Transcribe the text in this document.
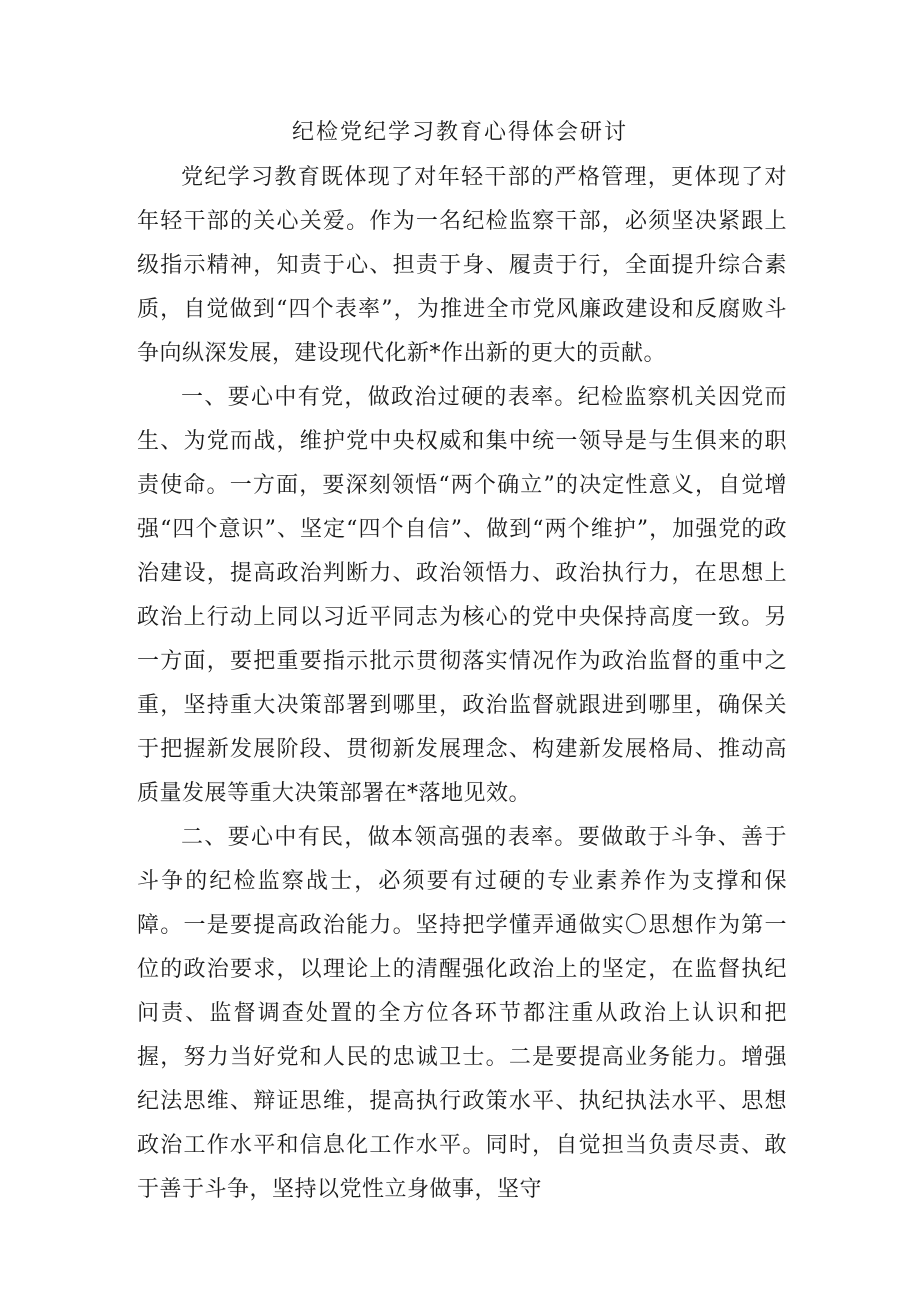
纪检党纪学习教育心得体会研讨

党纪学习教育既体现了对年轻干部的严格管理，更体现了对年轻干部的关心关爱。作为一名纪检监察干部，必须坚决紧跟上级指示精神，知责于心、担责于身、履责于行，全面提升综合素质，自觉做到“四个表率”，为推进全市党风廉政建设和反腐败斗争向纵深发展，建设现代化新*作出新的更大的贡献。

一、要心中有党，做政治过硬的表率。纪检监察机关因党而生、为党而战，维护党中央权威和集中统一领导是与生俱来的职责使命。一方面，要深刻领悟“两个确立”的决定性意义，自觉增强“四个意识”、坚定“四个自信”、做到“两个维护”，加强党的政治建设，提高政治判断力、政治领悟力、政治执行力，在思想上政治上行动上同以习近平同志为核心的党中央保持高度一致。另一方面，要把重要指示批示贯彻落实情况作为政治监督的重中之重，坚持重大决策部署到哪里，政治监督就跟进到哪里，确保关于把握新发展阶段、贯彻新发展理念、构建新发展格局、推动高质量发展等重大决策部署在*落地见效。

二、要心中有民，做本领高强的表率。要做敢于斗争、善于斗争的纪检监察战士，必须要有过硬的专业素养作为支撑和保障。一是要提高政治能力。坚持把学懂弄通做实〇思想作为第一位的政治要求，以理论上的清醒强化政治上的坚定，在监督执纪问责、监督调查处置的全方位各环节都注重从政治上认识和把握，努力当好党和人民的忠诚卫士。二是要提高业务能力。增强纪法思维、辩证思维，提高执行政策水平、执纪执法水平、思想政治工作水平和信息化工作水平。同时，自觉担当负责尽责、敢于善于斗争，坚持以党性立身做事，坚守
